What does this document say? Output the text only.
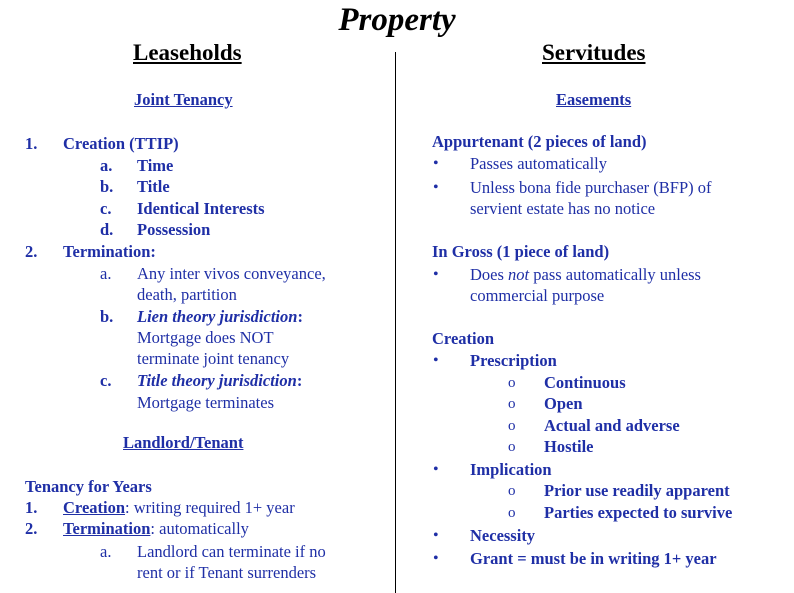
Property
Leaseholds	Servitudes
Joint Tenancy
1. Creation (TTIP)
a. Time
b. Title
c. Identical Interests
d. Possession
2. Termination:
a. Any inter vivos conveyance,
death, partition
b. Lien theory jurisdiction:
Mortgage does NOT
terminate joint tenancy
c. Title theory jurisdiction:
Mortgage terminates
Landlord/Tenant
Tenancy for Years
1. Creation: writing required 1+ year
2. Termination: automatically
a. Landlord can terminate if no
rent or if Tenant surrenders
Easements
Appurtenant (2 pieces of land)
• Passes automatically
• Unless bona fide purchaser (BFP) of
servient estate has no notice
In Gross (1 piece of land)
• Does not pass automatically unless
commercial purpose
Creation
• Prescription
o Continuous
o Open
o Actual and adverse
o Hostile
• Implication
o Prior use readily apparent
o Parties expected to survive
• Necessity
• Grant = must be in writing 1+ year
